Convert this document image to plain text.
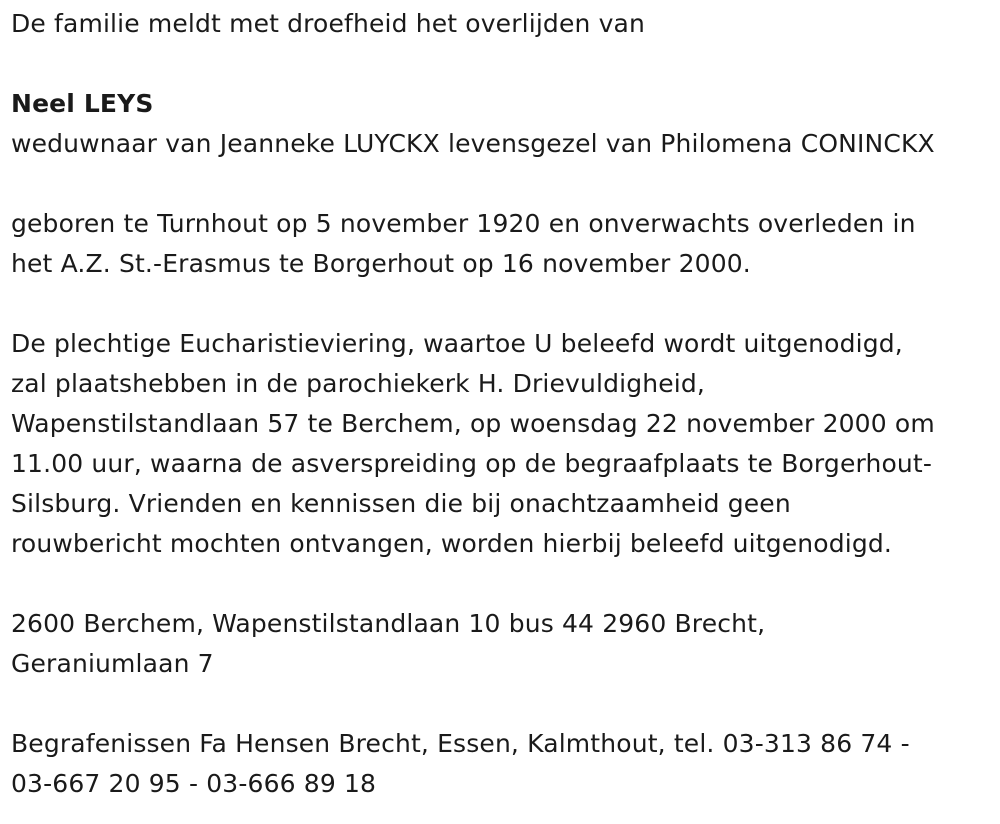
De familie meldt met droefheid het overlijden van
Neel LEYS
weduwnaar van Jeanneke LUYCKX levensgezel van Philomena CONINCKX
geboren te Turnhout op 5 november 1920 en onverwachts overleden in
het A.Z. St.-Erasmus te Borgerhout op 16 november 2000.
De plechtige Eucharistieviering, waartoe U beleefd wordt uitgenodigd,
zal plaatshebben in de parochiekerk H. Drievuldigheid,
Wapenstilstandlaan 57 te Berchem, op woensdag 22 november 2000 om
11.00 uur, waarna de asverspreiding op de begraafplaats te Borgerhout-
Silsburg. Vrienden en kennissen die bij onachtzaamheid geen
rouwbericht mochten ontvangen, worden hierbij beleefd uitgenodigd.
2600 Berchem, Wapenstilstandlaan 10 bus 44 2960 Brecht,
Geraniumlaan 7
Begrafenissen Fa Hensen Brecht, Essen, Kalmthout, tel. 03-313 86 74 -
03-667 20 95 - 03-666 89 18
